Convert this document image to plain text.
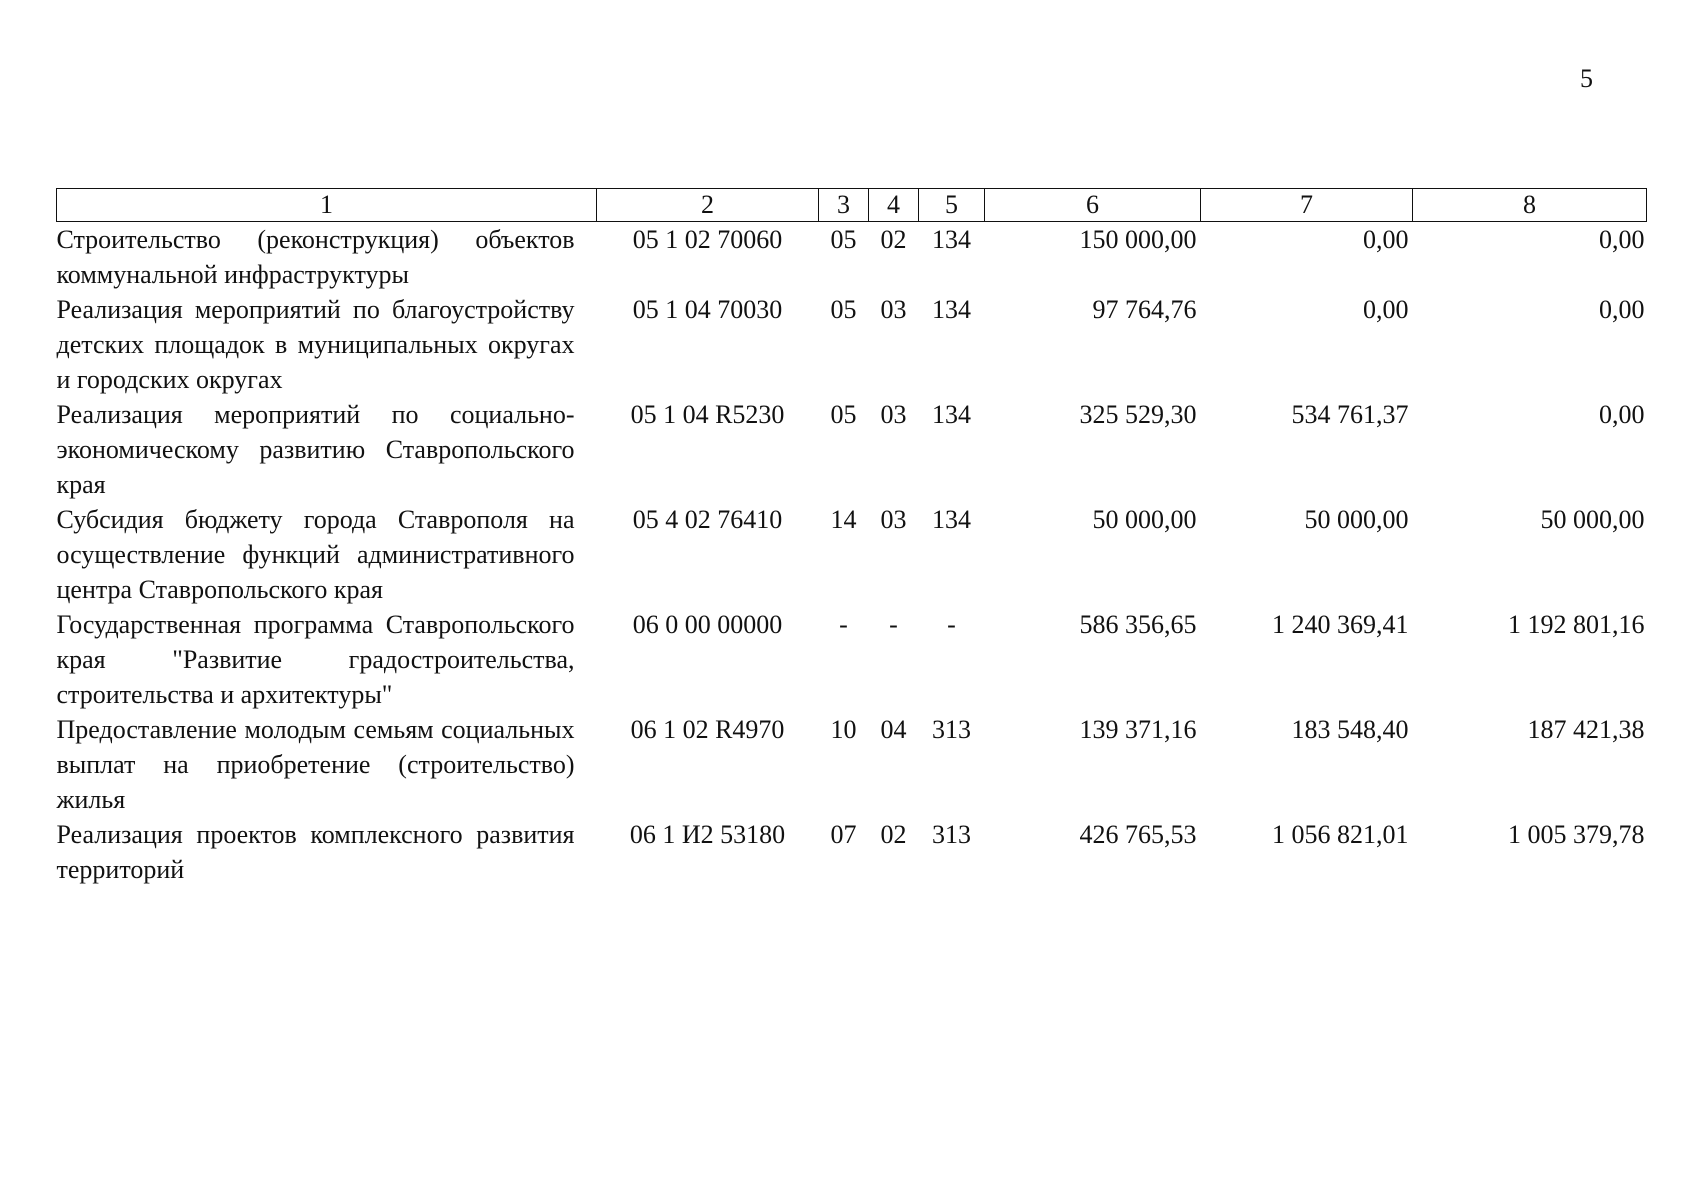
5
1	2	3	4	5	6	7	8
Строительство (реконструкция) объектов коммунальной инфраструктуры	05 1 02 70060	05	02	134	150 000,00	0,00	0,00
Реализация мероприятий по благоустройству детских площадок в муниципальных округах и городских округах	05 1 04 70030	05	03	134	97 764,76	0,00	0,00
Реализация мероприятий по социально-экономическому развитию Ставропольского края	05 1 04 R5230	05	03	134	325 529,30	534 761,37	0,00
Субсидия бюджету города Ставрополя на осуществление функций административного центра Ставропольского края	05 4 02 76410	14	03	134	50 000,00	50 000,00	50 000,00
Государственная программа Ставропольского края "Развитие градостроительства, строительства и архитектуры"	06 0 00 00000	-	-	-	586 356,65	1 240 369,41	1 192 801,16
Предоставление молодым семьям социальных выплат на приобретение (строительство) жилья	06 1 02 R4970	10	04	313	139 371,16	183 548,40	187 421,38
Реализация проектов комплексного развития территорий	06 1 И2 53180	07	02	313	426 765,53	1 056 821,01	1 005 379,78
